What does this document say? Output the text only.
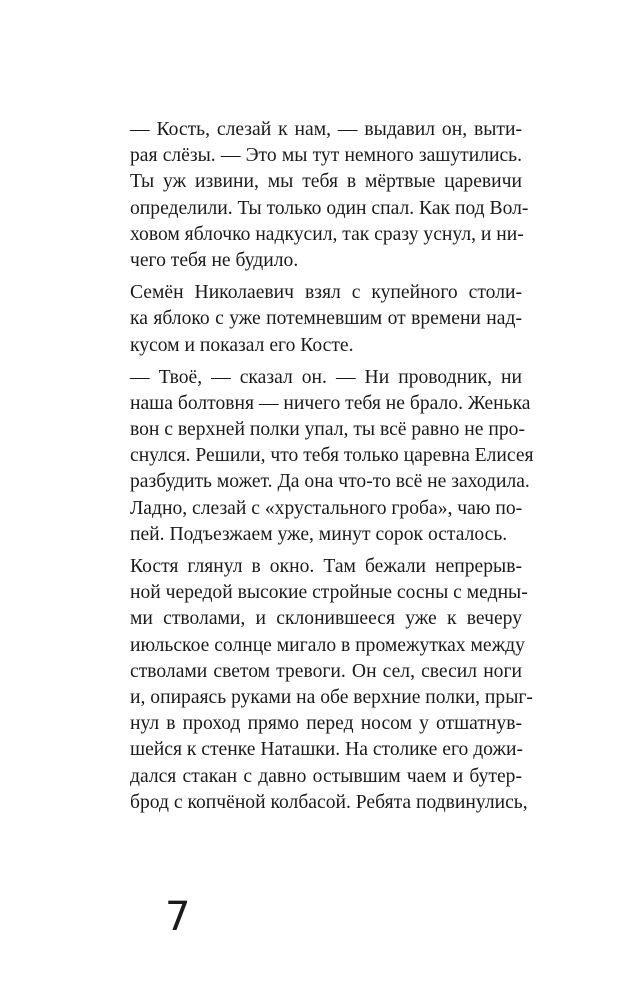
— Кость, слезай к нам, — выдавил он, выти-
рая слёзы. — Это мы тут немного зашутились.
Ты уж извини, мы тебя в мёртвые царевичи
определили. Ты только один спал. Как под Вол-
ховом яблочко надкусил, так сразу уснул, и ни-
чего тебя не будило.

Семён Николаевич взял с купейного столи-
ка яблоко с уже потемневшим от времени над-
кусом и показал его Косте.

— Твоё, — сказал он. — Ни проводник, ни
наша болтовня — ничего тебя не брало. Женька
вон с верхней полки упал, ты всё равно не про-
снулся. Решили, что тебя только царевна Елисея
разбудить может. Да она что-то всё не заходила.
Ладно, слезай с «хрустального гроба», чаю по-
пей. Подъезжаем уже, минут сорок осталось.

Костя глянул в окно. Там бежали непрерыв-
ной чередой высокие стройные сосны с медны-
ми стволами, и склонившееся уже к вечеру
июльское солнце мигало в промежутках между
стволами светом тревоги. Он сел, свесил ноги
и, опираясь руками на обе верхние полки, прыг-
нул в проход прямо перед носом у отшатнув-
шейся к стенке Наташки. На столике его дожи-
дался стакан с давно остывшим чаем и бутер-
брод с копчёной колбасой. Ребята подвинулись,

7
